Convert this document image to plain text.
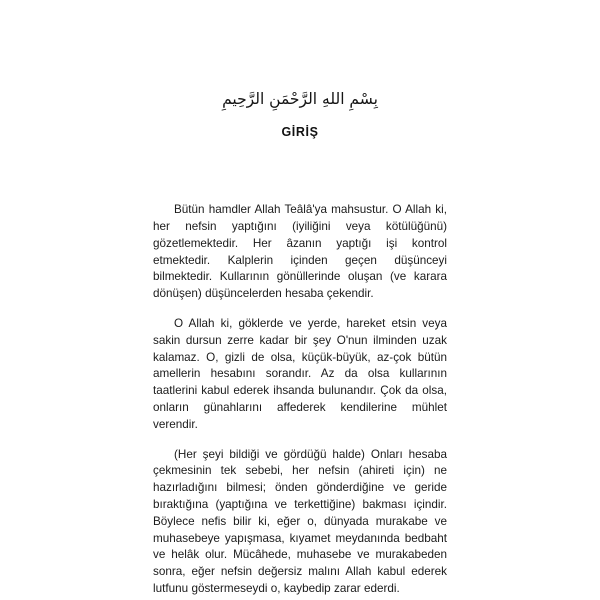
بِسْمِ اللهِ الرَّحْمَنِ الرَّحِيمِ
GİRİŞ

Bütün hamdler Allah Teâlâ'ya mahsustur. O Allah ki, her nefsin yaptığını (iyiliğini veya kötülüğünü) gözetlemektedir. Her âzanın yaptığı işi kontrol etmektedir. Kalplerin içinden geçen düşünceyi bilmektedir. Kullarının gönüllerinde oluşan (ve karara dönüşen) düşüncelerden hesaba çekendir.

O Allah ki, göklerde ve yerde, hareket etsin veya sakin dursun zerre kadar bir şey O'nun ilminden uzak kalamaz. O, gizli de olsa, küçük-büyük, az-çok bütün amellerin hesabını sorandır. Az da olsa kullarının taatlerini kabul ederek ihsanda bulunandır. Çok da olsa, onların günahlarını affederek kendilerine mühlet verendir.

(Her şeyi bildiği ve gördüğü halde) Onları hesaba çekmesinin tek sebebi, her nefsin (ahireti için) ne hazırladığını bilmesi; önden gönderdiğine ve geride bıraktığına (yaptığına ve terkettiğine) bakması içindir. Böylece nefis bilir ki, eğer o, dünyada murakabe ve muhasebeye yapışmasa, kıyamet meydanında bedbaht ve helâk olur. Mücâhede, muhasebe ve murakabeden sonra, eğer nefsin değersiz malını Allah kabul ederek lutfunu göstermeseydi o, kaybedip zarar ederdi.
